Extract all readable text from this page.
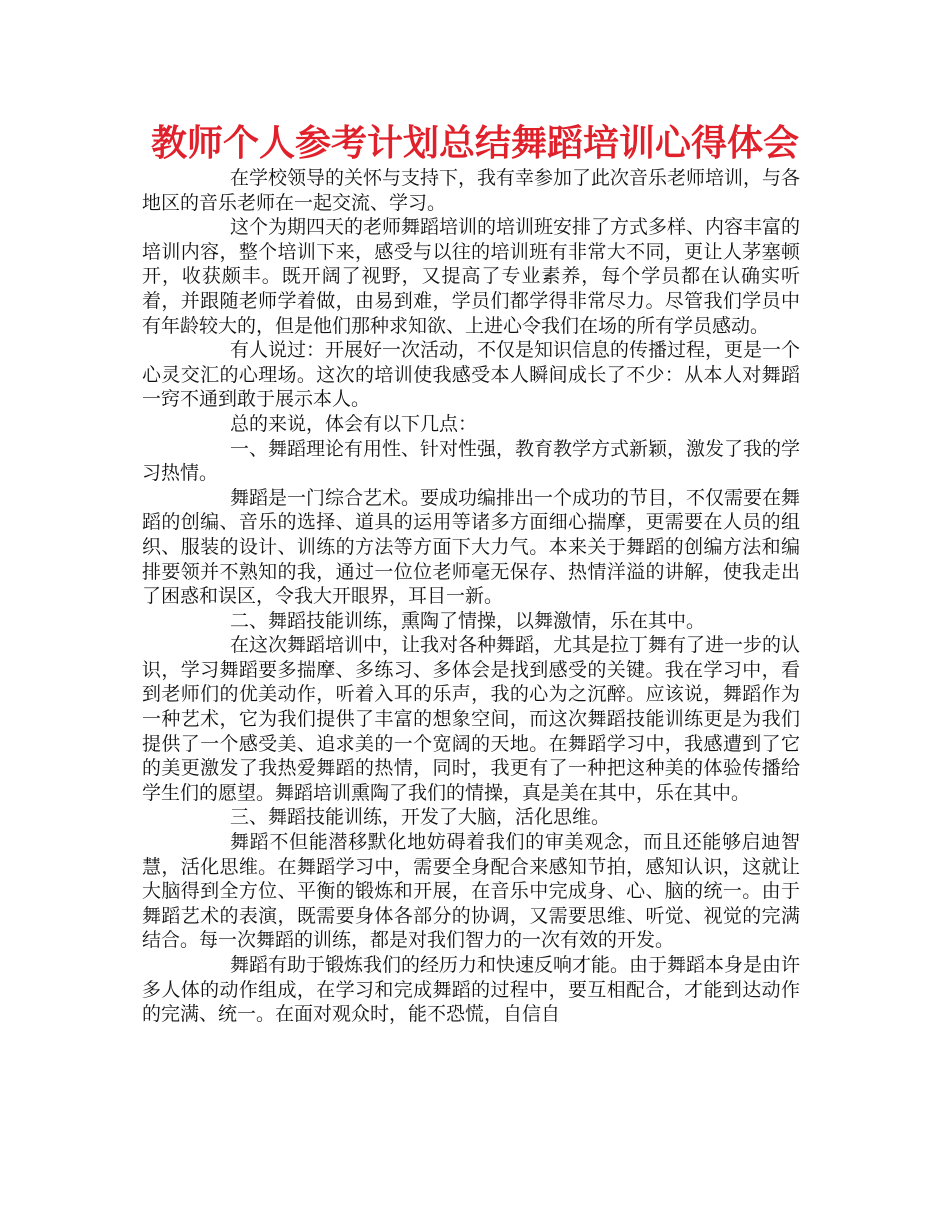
教师个人参考计划总结舞蹈培训心得体会

在学校领导的关怀与支持下，我有幸参加了此次音乐老师培训，与各地区的音乐老师在一起交流、学习。

这个为期四天的老师舞蹈培训的培训班安排了方式多样、内容丰富的培训内容，整个培训下来，感受与以往的培训班有非常大不同，更让人茅塞顿开，收获颇丰。既开阔了视野，又提高了专业素养，每个学员都在认确实听着，并跟随老师学着做，由易到难，学员们都学得非常尽力。尽管我们学员中有年龄较大的，但是他们那种求知欲、上进心令我们在场的所有学员感动。

有人说过：开展好一次活动，不仅是知识信息的传播过程，更是一个心灵交汇的心理场。这次的培训使我感受本人瞬间成长了不少：从本人对舞蹈一窍不通到敢于展示本人。

总的来说，体会有以下几点：

一、舞蹈理论有用性、针对性强，教育教学方式新颖，激发了我的学习热情。

舞蹈是一门综合艺术。要成功编排出一个成功的节目，不仅需要在舞蹈的创编、音乐的选择、道具的运用等诸多方面细心揣摩，更需要在人员的组织、服装的设计、训练的方法等方面下大力气。本来关于舞蹈的创编方法和编排要领并不熟知的我，通过一位位老师毫无保存、热情洋溢的讲解，使我走出了困惑和误区，令我大开眼界，耳目一新。

二、舞蹈技能训练，熏陶了情操，以舞激情，乐在其中。

在这次舞蹈培训中，让我对各种舞蹈，尤其是拉丁舞有了进一步的认识，学习舞蹈要多揣摩、多练习、多体会是找到感受的关键。我在学习中，看到老师们的优美动作，听着入耳的乐声，我的心为之沉醉。应该说，舞蹈作为一种艺术，它为我们提供了丰富的想象空间，而这次舞蹈技能训练更是为我们提供了一个感受美、追求美的一个宽阔的天地。在舞蹈学习中，我感遭到了它的美更激发了我热爱舞蹈的热情，同时，我更有了一种把这种美的体验传播给学生们的愿望。舞蹈培训熏陶了我们的情操，真是美在其中，乐在其中。

三、舞蹈技能训练，开发了大脑，活化思维。

舞蹈不但能潜移默化地妨碍着我们的审美观念，而且还能够启迪智慧，活化思维。在舞蹈学习中，需要全身配合来感知节拍，感知认识，这就让大脑得到全方位、平衡的锻炼和开展，在音乐中完成身、心、脑的统一。由于舞蹈艺术的表演，既需要身体各部分的协调，又需要思维、听觉、视觉的完满结合。每一次舞蹈的训练，都是对我们智力的一次有效的开发。

舞蹈有助于锻炼我们的经历力和快速反响才能。由于舞蹈本身是由许多人体的动作组成，在学习和完成舞蹈的过程中，要互相配合，才能到达动作的完满、统一。在面对观众时，能不恐慌，自信自
